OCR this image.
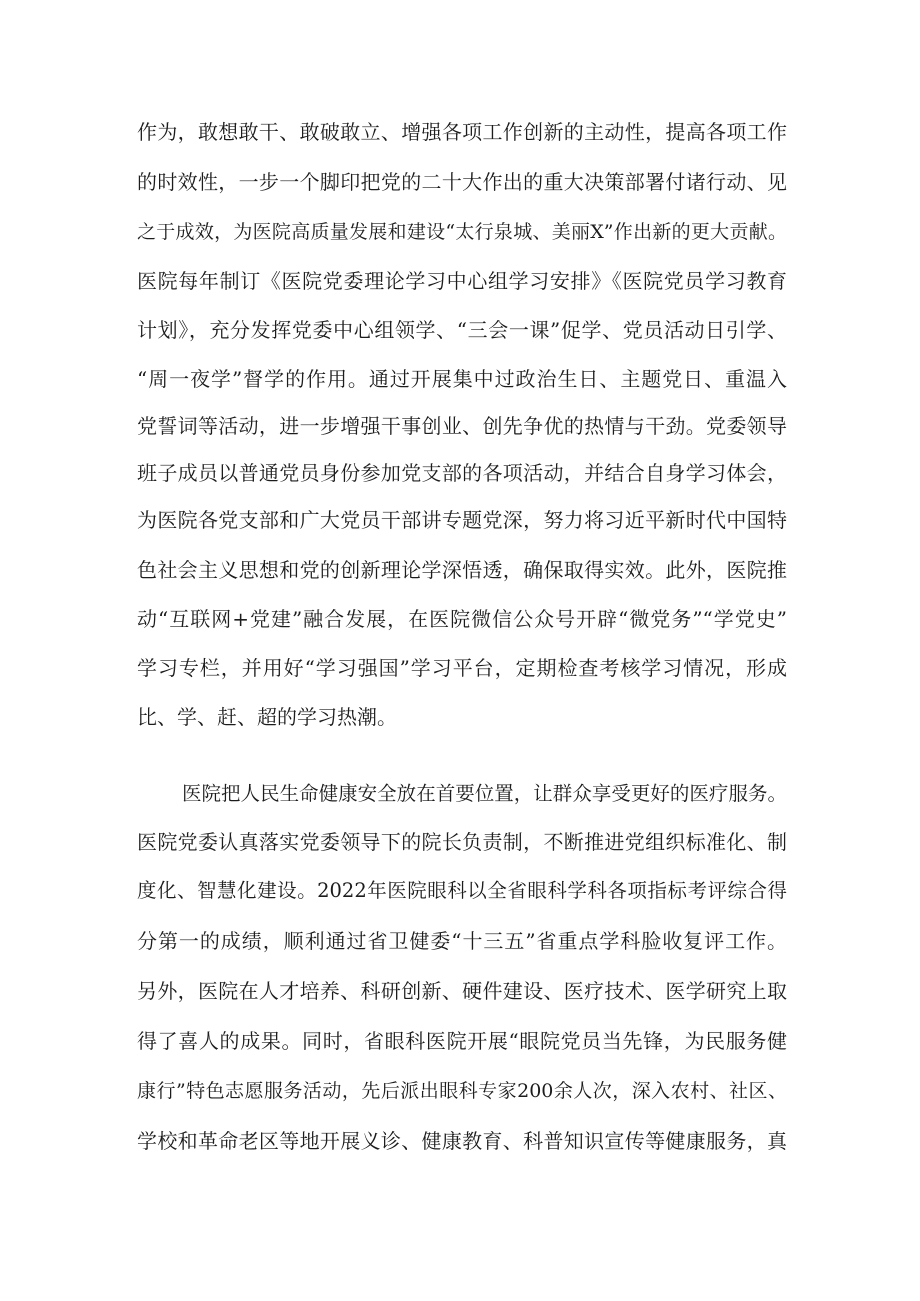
作为，敢想敢干、敢破敢立、增强各项工作创新的主动性，提高各项工作
的时效性，一步一个脚印把党的二十大作出的重大决策部署付诸行动、见
之于成效，为医院高质量发展和建设“太行泉城、美丽X”作出新的更大贡献。
医院每年制订《医院党委理论学习中心组学习安排》《医院党员学习教育
计划》，充分发挥党委中心组领学、“三会一课”促学、党员活动日引学、
“周一夜学”督学的作用。通过开展集中过政治生日、主题党日、重温入
党誓词等活动，进一步增强干事创业、创先争优的热情与干劲。党委领导
班子成员以普通党员身份参加党支部的各项活动，并结合自身学习体会，
为医院各党支部和广大党员干部讲专题党深，努力将习近平新时代中国特
色社会主义思想和党的创新理论学深悟透，确保取得实效。此外，医院推
动“互联网+党建”融合发展，在医院微信公众号开辟“微党务”“学党史”
学习专栏，并用好“学习强国”学习平台，定期检查考核学习情况，形成
比、学、赶、超的学习热潮。
医院把人民生命健康安全放在首要位置，让群众享受更好的医疗服务。
医院党委认真落实党委领导下的院长负责制，不断推进党组织标准化、制
度化、智慧化建设。2022年医院眼科以全省眼科学科各项指标考评综合得
分第一的成绩，顺利通过省卫健委“十三五”省重点学科脸收复评工作。
另外，医院在人才培养、科研创新、硬件建设、医疗技术、医学研究上取
得了喜人的成果。同时，省眼科医院开展“眼院党员当先锋，为民服务健
康行”特色志愿服务活动，先后派出眼科专家200余人次，深入农村、社区、
学校和革命老区等地开展义诊、健康教育、科普知识宣传等健康服务，真
